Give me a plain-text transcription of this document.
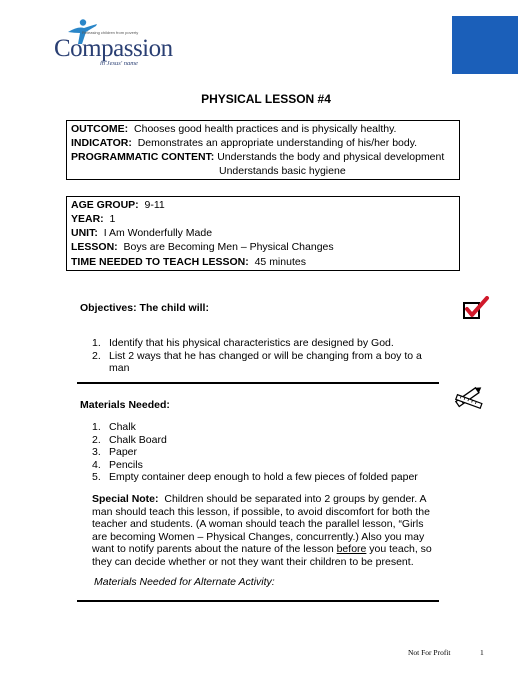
Releasing children from poverty
Compassion
in Jesus' name
PHYSICAL LESSON #4
OUTCOME: Chooses good health practices and is physically healthy.
INDICATOR: Demonstrates an appropriate understanding of his/her body.
PROGRAMMATIC CONTENT: Understands the body and physical development
Understands basic hygiene
AGE GROUP: 9-11
YEAR: 1
UNIT: I Am Wonderfully Made
LESSON: Boys are Becoming Men – Physical Changes
TIME NEEDED TO TEACH LESSON: 45 minutes
Objectives: The child will:
1. Identify that his physical characteristics are designed by God.
2. List 2 ways that he has changed or will be changing from a boy to a man
Materials Needed:
1. Chalk
2. Chalk Board
3. Paper
4. Pencils
5. Empty container deep enough to hold a few pieces of folded paper
Special Note: Children should be separated into 2 groups by gender. A man should teach this lesson, if possible, to avoid discomfort for both the teacher and students. (A woman should teach the parallel lesson, “Girls are becoming Women – Physical Changes, concurrently.) Also you may want to notify parents about the nature of the lesson before you teach, so they can decide whether or not they want their children to be present.
Materials Needed for Alternate Activity:
Not For Profit	1
